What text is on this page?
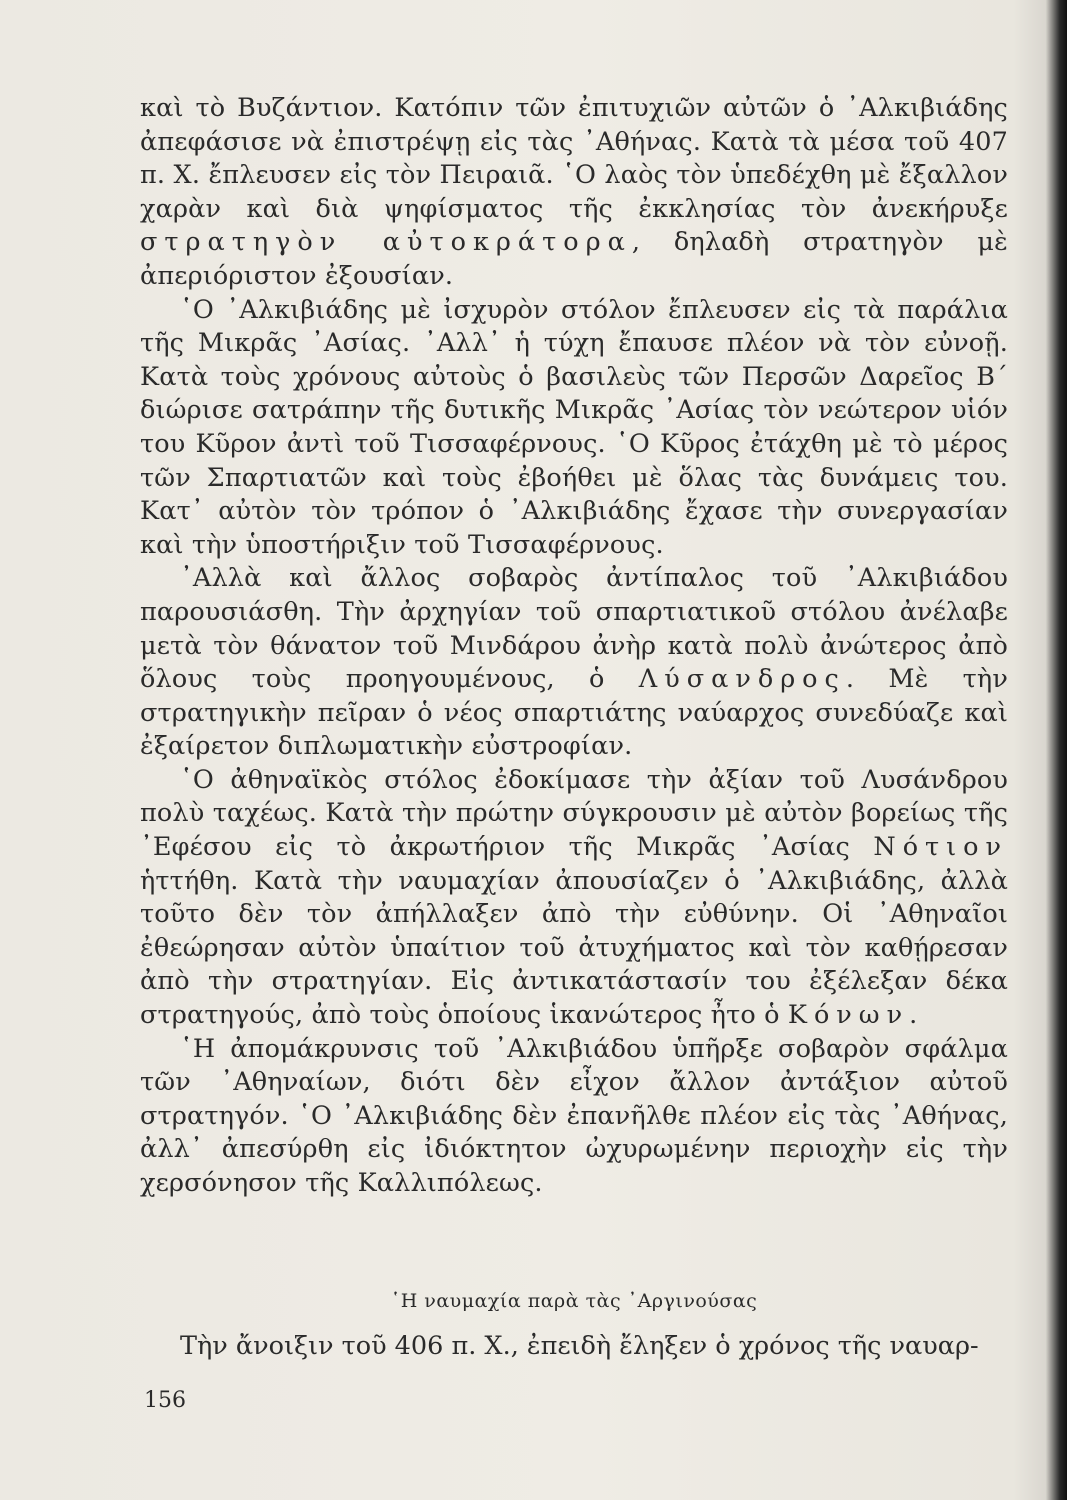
καὶ τὸ Βυζάντιον. Κατόπιν τῶν ἐπιτυχιῶν αὐτῶν ὁ ᾿Αλκιβιάδης ἀπεφάσισε νὰ ἐπιστρέψῃ εἰς τὰς ᾿Αθήνας. Κατὰ τὰ μέσα τοῦ 407 π. Χ. ἔπλευσεν εἰς τὸν Πειραιᾶ. ῾Ο λαὸς τὸν ὑπεδέχθη μὲ ἔξαλλον χαρὰν καὶ διὰ ψηφίσματος τῆς ἐκκλησίας τὸν ἀνεκήρυξε στρατηγὸν αὐτοκράτορα, δηλαδὴ στρατηγὸν μὲ ἀπεριόριστον ἐξουσίαν.

῾Ο ᾿Αλκιβιάδης μὲ ἰσχυρὸν στόλον ἔπλευσεν εἰς τὰ παράλια τῆς Μικρᾶς ᾿Ασίας. ᾿Αλλ᾿ ἡ τύχη ἔπαυσε πλέον νὰ τὸν εὐνοῇ. Κατὰ τοὺς χρόνους αὐτοὺς ὁ βασιλεὺς τῶν Περσῶν Δαρεῖος Β΄ διώρισε σατράπην τῆς δυτικῆς Μικρᾶς ᾿Ασίας τὸν νεώτερον υἱόν του Κῦρον ἀντὶ τοῦ Τισσαφέρνους. ῾Ο Κῦρος ἐτάχθη μὲ τὸ μέρος τῶν Σπαρτιατῶν καὶ τοὺς ἐβοήθει μὲ ὅλας τὰς δυνάμεις του. Κατ᾿ αὐτὸν τὸν τρόπον ὁ ᾿Αλκιβιάδης ἔχασε τὴν συνεργασίαν καὶ τὴν ὑποστήριξιν τοῦ Τισσαφέρνους.

᾿Αλλὰ καὶ ἄλλος σοβαρὸς ἀντίπαλος τοῦ ᾿Αλκιβιάδου παρουσιάσθη. Τὴν ἀρχηγίαν τοῦ σπαρτιατικοῦ στόλου ἀνέλαβε μετὰ τὸν θάνατον τοῦ Μινδάρου ἀνὴρ κατὰ πολὺ ἀνώτερος ἀπὸ ὅλους τοὺς προηγουμένους, ὁ Λύσανδρος. Μὲ τὴν στρατηγικὴν πεῖραν ὁ νέος σπαρτιάτης ναύαρχος συνεδύαζε καὶ ἐξαίρετον διπλωματικὴν εὐστροφίαν.

῾Ο ἀθηναϊκὸς στόλος ἐδοκίμασε τὴν ἀξίαν τοῦ Λυσάνδρου πολὺ ταχέως. Κατὰ τὴν πρώτην σύγκρουσιν μὲ αὐτὸν βορείως τῆς ᾿Εφέσου εἰς τὸ ἀκρωτήριον τῆς Μικρᾶς ᾿Ασίας Νότιον ἡττήθη. Κατὰ τὴν ναυμαχίαν ἀπουσίαζεν ὁ ᾿Αλκιβιάδης, ἀλλὰ τοῦτο δὲν τὸν ἀπήλλαξεν ἀπὸ τὴν εὐθύνην. Οἱ ᾿Αθηναῖοι ἐθεώρησαν αὐτὸν ὑπαίτιον τοῦ ἀτυχήματος καὶ τὸν καθῄρεσαν ἀπὸ τὴν στρατηγίαν. Εἰς ἀντικατάστασίν του ἐξέλεξαν δέκα στρατηγούς, ἀπὸ τοὺς ὁποίους ἱκανώτερος ἦτο ὁ Κόνων.

῾Η ἀπομάκρυνσις τοῦ ᾿Αλκιβιάδου ὑπῆρξε σοβαρὸν σφάλμα τῶν ᾿Αθηναίων, διότι δὲν εἶχον ἄλλον ἀντάξιον αὐτοῦ στρατηγόν. ῾Ο ᾿Αλκιβιάδης δὲν ἐπανῆλθε πλέον εἰς τὰς ᾿Αθήνας, ἀλλ᾿ ἀπεσύρθη εἰς ἰδιόκτητον ὠχυρωμένην περιοχὴν εἰς τὴν χερσόνησον τῆς Καλλιπόλεως.

῾Η ναυμαχία παρὰ τὰς ᾿Αργινούσας
Τὴν ἄνοιξιν τοῦ 406 π. Χ., ἐπειδὴ ἔληξεν ὁ χρόνος τῆς ναυαρ-
156
